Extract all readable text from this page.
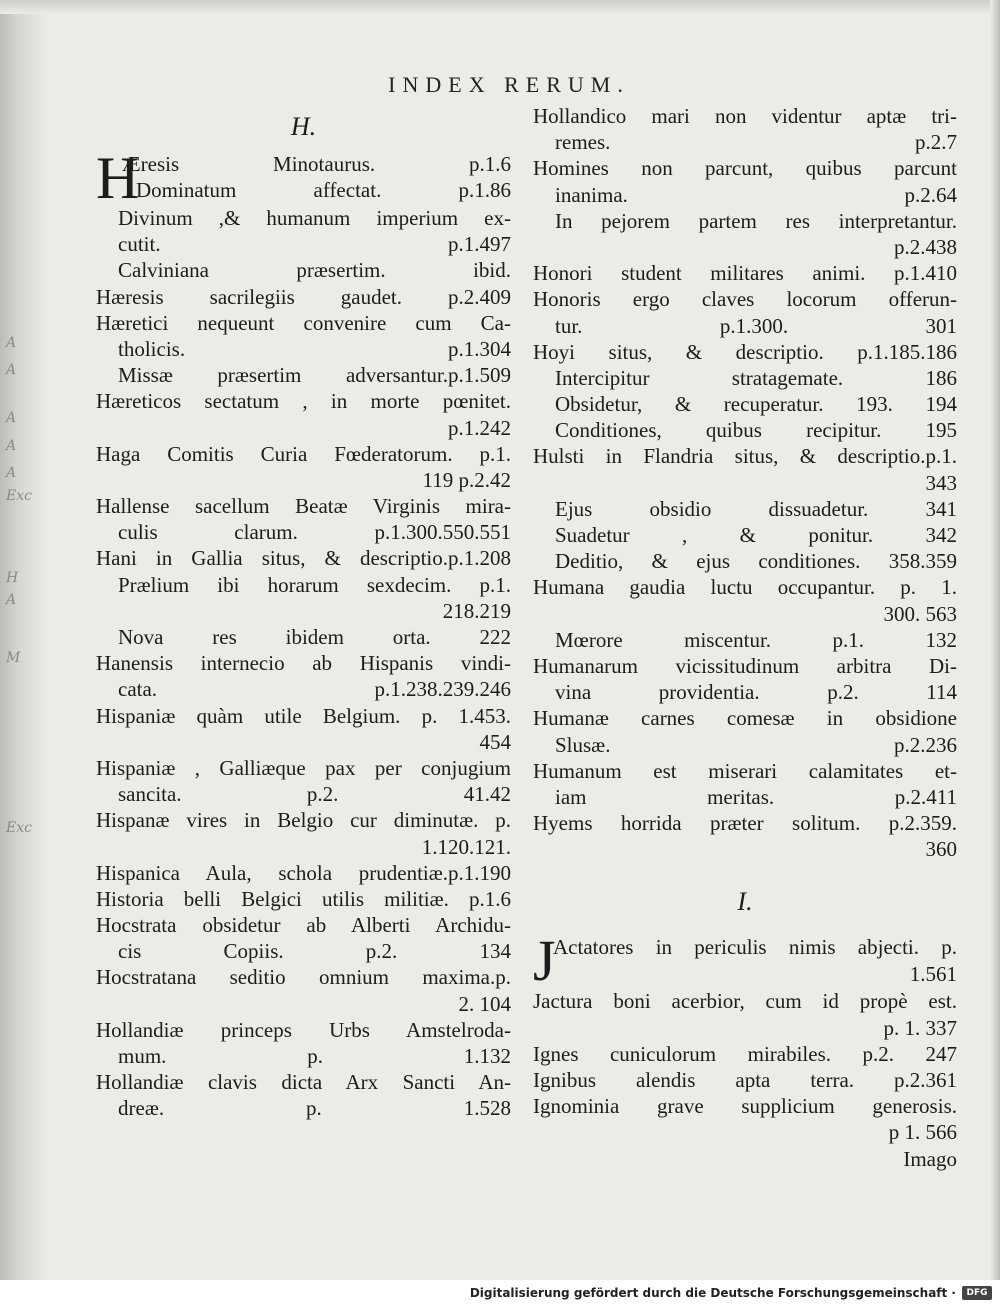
A
A
A
A
A
Exc
H
A
M
Exc
INDEX RERUM.
H.
H
Æresis Minotaurus. p.1.6
Dominatum affectat. p.1.86
Divinum ,& humanum imperium ex-
cutit. p.1.497
Calviniana præsertim. ibid.
Hæresis sacrilegiis gaudet. p.2.409
Hæretici nequeunt convenire cum Ca-
tholicis. p.1.304
Missæ præsertim adversantur.p.1.509
Hæreticos sectatum , in morte pœnitet.
p.1.242
Haga Comitis Curia Fœderatorum. p.1.
119 p.2.42
Hallense sacellum Beatæ Virginis mira-
culis clarum. p.1.300.550.551
Hani in Gallia situs, & descriptio.p.1.208
Prælium ibi horarum sexdecim. p.1.
218.219
Nova res ibidem orta. 222
Hanensis internecio ab Hispanis vindi-
cata. p.1.238.239.246
Hispaniæ quàm utile Belgium. p. 1.453.
454
Hispaniæ , Galliæque pax per conjugium
sancita. p.2. 41.42
Hispanæ vires in Belgio cur diminutæ. p.
1.120.121.
Hispanica Aula, schola prudentiæ.p.1.190
Historia belli Belgici utilis militiæ. p.1.6
Hocstrata obsidetur ab Alberti Archidu-
cis Copiis. p.2. 134
Hocstratana seditio omnium maxima.p.
2. 104
Hollandiæ princeps Urbs Amstelroda-
mum. p. 1.132
Hollandiæ clavis dicta Arx Sancti An-
dreæ. p. 1.528
Hollandico mari non videntur aptæ tri-
remes. p.2.7
Homines non parcunt, quibus parcunt
inanima. p.2.64
In pejorem partem res interpretantur.
p.2.438
Honori student militares animi. p.1.410
Honoris ergo claves locorum offerun-
tur. p.1.300. 301
Hoyi situs, & descriptio. p.1.185.186
Intercipitur stratagemate. 186
Obsidetur, & recuperatur. 193. 194
Conditiones, quibus recipitur. 195
Hulsti in Flandria situs, & descriptio.p.1.
343
Ejus obsidio dissuadetur. 341
Suadetur , & ponitur. 342
Deditio, & ejus conditiones. 358.359
Humana gaudia luctu occupantur. p. 1.
300. 563
Mœrore miscentur. p.1. 132
Humanarum vicissitudinum arbitra Di-
vina providentia. p.2. 114
Humanæ carnes comesæ in obsidione
Slusæ. p.2.236
Humanum est miserari calamitates et-
iam meritas. p.2.411
Hyems horrida præter solitum. p.2.359.
360
I.
J
Actatores in periculis nimis abjecti. p.
1.561
Jactura boni acerbior, cum id propè est.
p. 1. 337
Ignes cuniculorum mirabiles. p.2. 247
Ignibus alendis apta terra. p.2.361
Ignominia grave supplicium generosis.
p 1. 566
Imago
Digitalisierung gefördert durch die Deutsche Forschungsgemeinschaft ·	DFG
